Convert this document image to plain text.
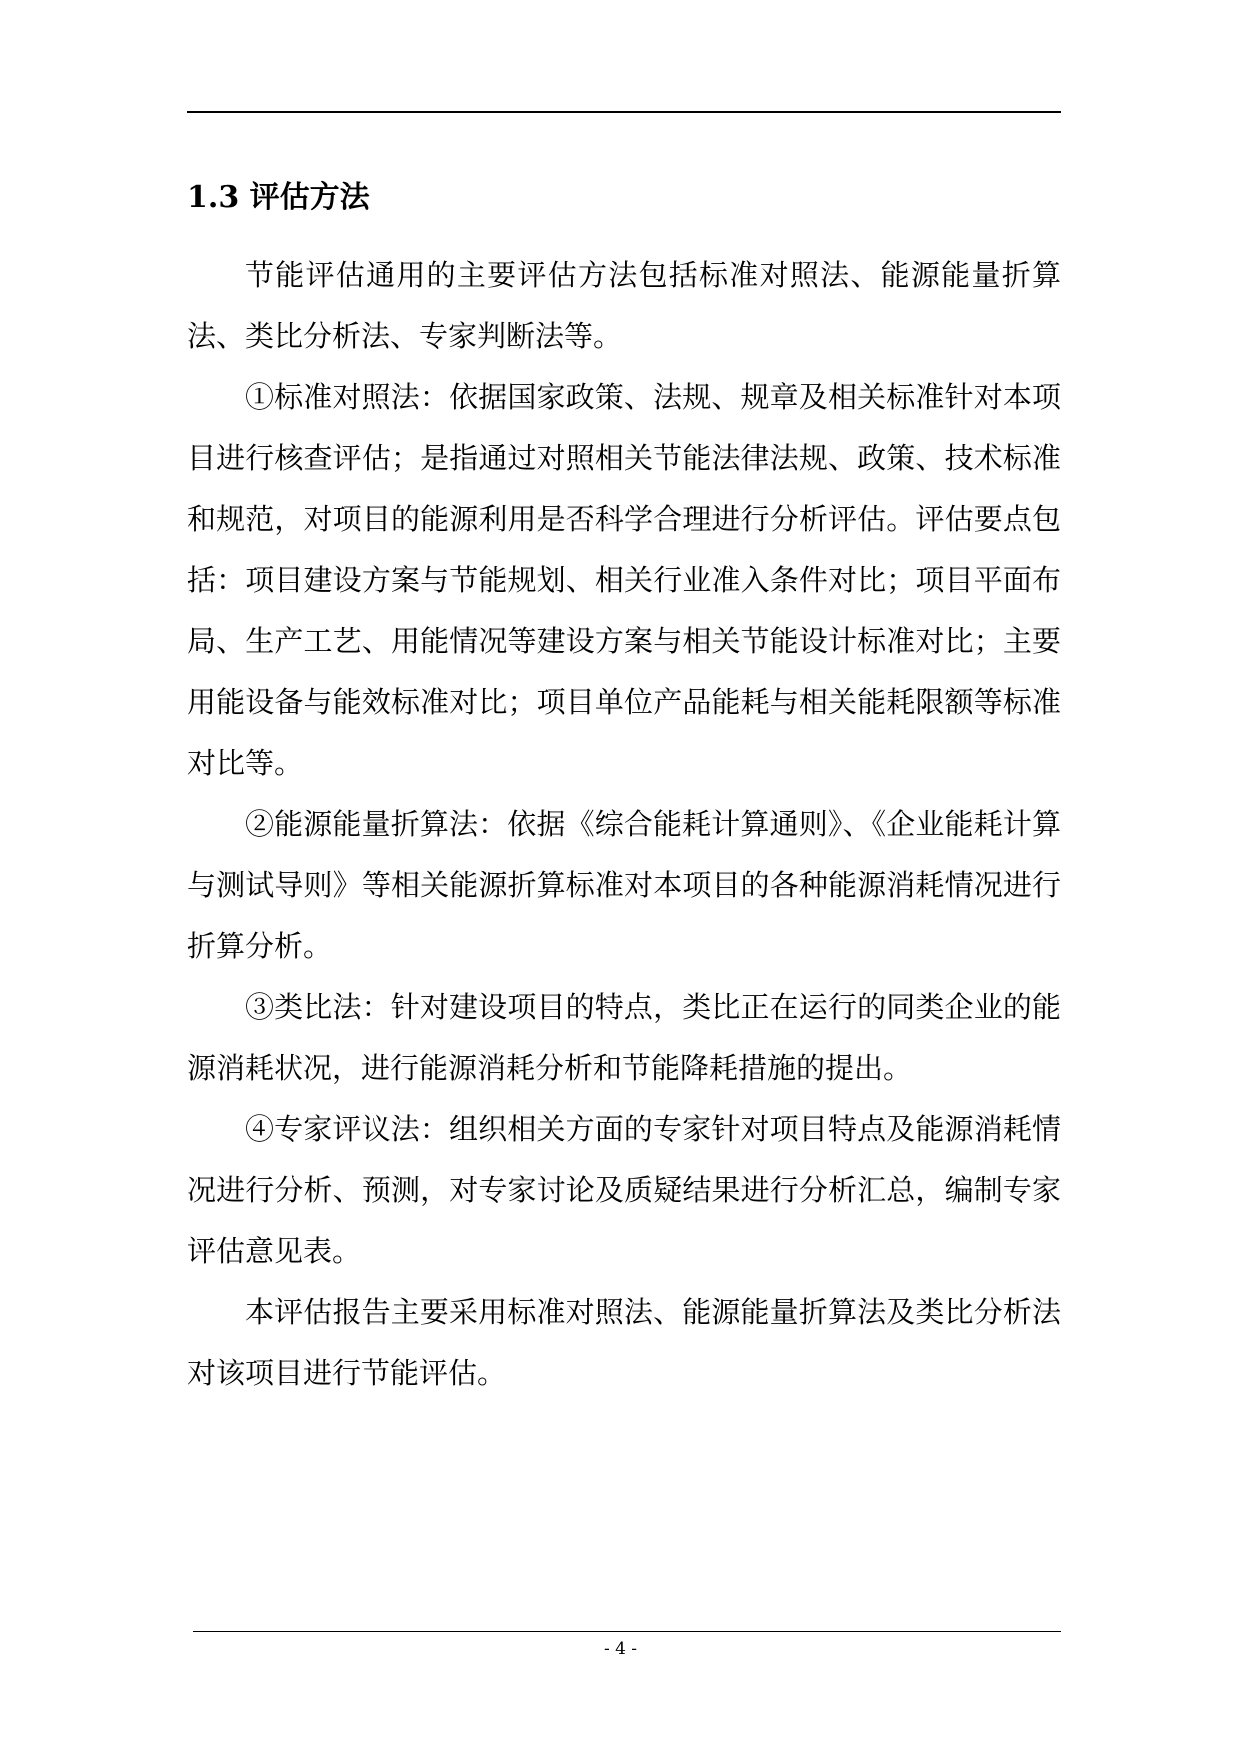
1.3 评估方法

节能评估通用的主要评估方法包括标准对照法、能源能量折算法、类比分析法、专家判断法等。

①标准对照法：依据国家政策、法规、规章及相关标准针对本项目进行核查评估；是指通过对照相关节能法律法规、政策、技术标准和规范，对项目的能源利用是否科学合理进行分析评估。评估要点包括：项目建设方案与节能规划、相关行业准入条件对比；项目平面布局、生产工艺、用能情况等建设方案与相关节能设计标准对比；主要用能设备与能效标准对比；项目单位产品能耗与相关能耗限额等标准对比等。

②能源能量折算法：依据《综合能耗计算通则》、《企业能耗计算与测试导则》等相关能源折算标准对本项目的各种能源消耗情况进行折算分析。

③类比法：针对建设项目的特点，类比正在运行的同类企业的能源消耗状况，进行能源消耗分析和节能降耗措施的提出。

④专家评议法：组织相关方面的专家针对项目特点及能源消耗情况进行分析、预测，对专家讨论及质疑结果进行分析汇总，编制专家评估意见表。

本评估报告主要采用标准对照法、能源能量折算法及类比分析法对该项目进行节能评估。

- 4 -
